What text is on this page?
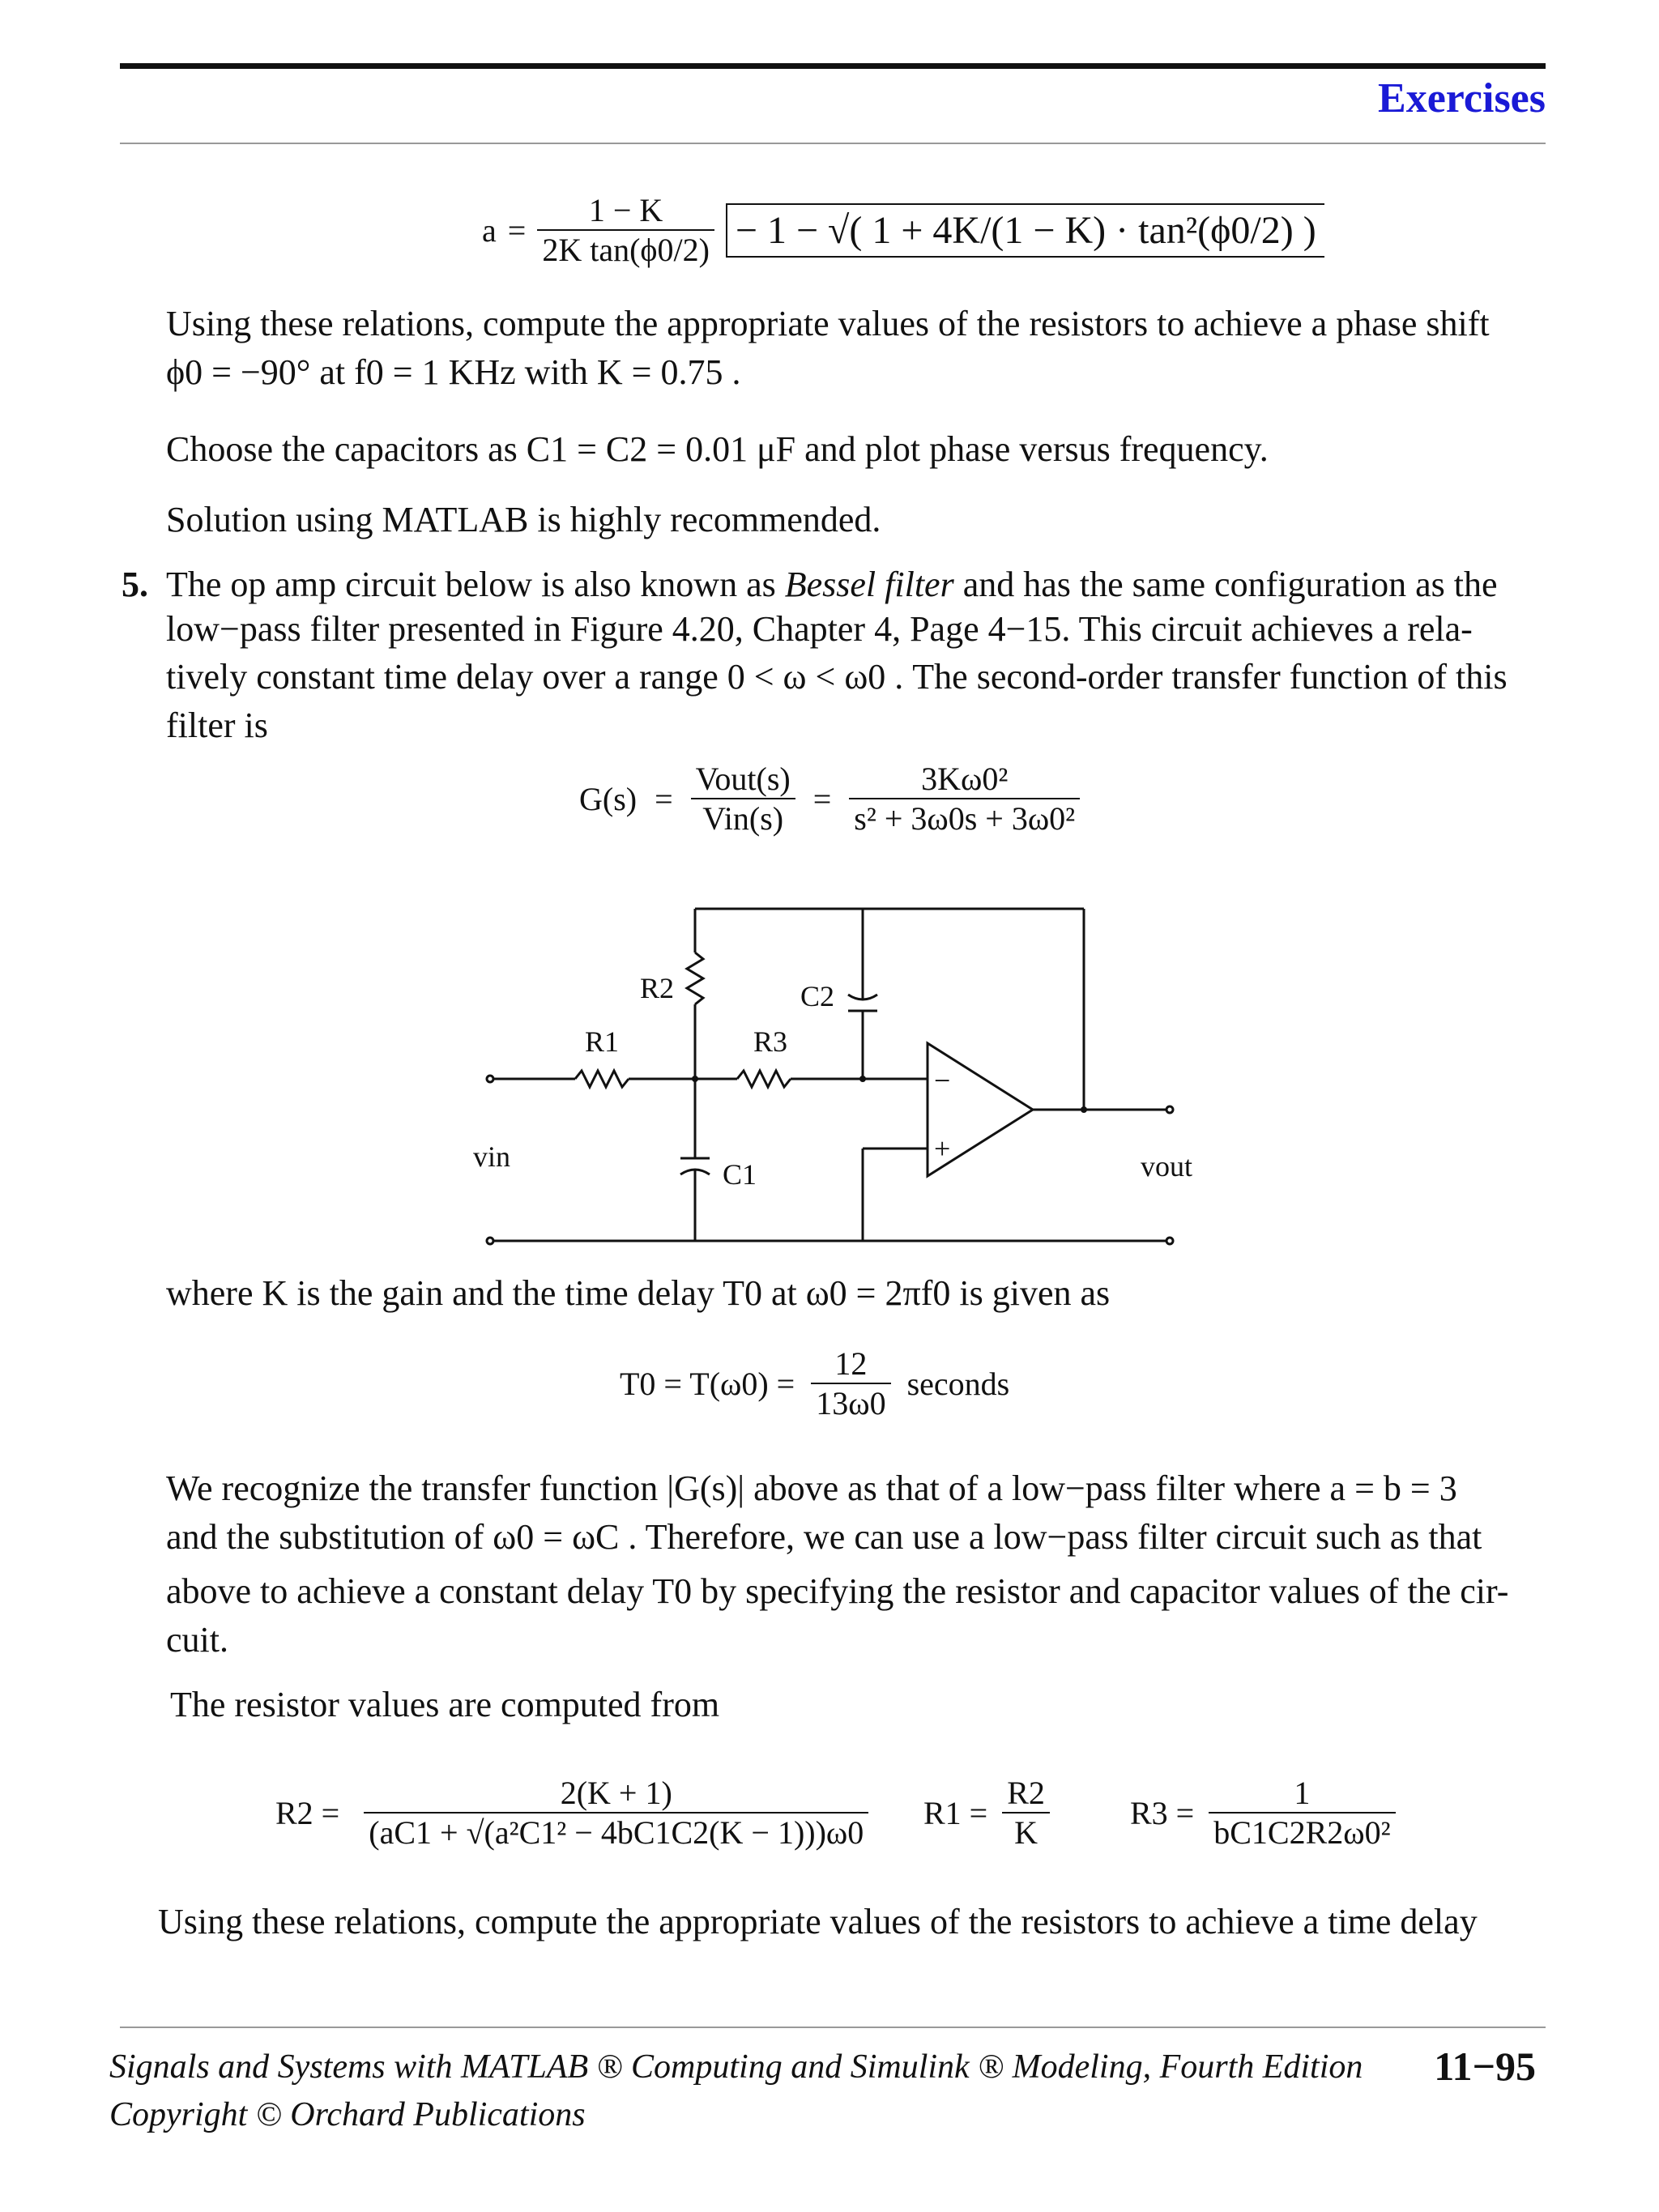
Exercises
$a = \frac{1 - K}{\text{2K tan(ϕ0/2)}} - 1$ − √( 1 + 4K/(1 − K) · tan²(ϕ0/2) )
Using these relations, compute the appropriate values of the resistors to achieve a phase shift
ϕ0 = −90° at f0 = 1 KHz with K = 0.75 .
Choose the capacitors as C1 = C2 = 0.01 μF and plot phase versus frequency.
Solution using MATLAB is highly recommended.
5. The op amp circuit below is also known as Bessel filter and has the same configuration as the
low−pass filter presented in Figure 4.20, Chapter 4, Page 4−15. This circuit achieves a rela-
tively constant time delay over a range 0 < ω < ω0 . The second-order transfer function of this
filter is
$G(s) = \frac{\text{Vout(s)}}{\text{Vin(s)}} = \frac{\text{3Kω0²}}{\text{s² + 3ω0s + 3ω0²}}$
R1
R2
R3
C1
C2
vin	vout
−
+
where K is the gain and the time delay T0 at ω0 = 2πf0 is given as
$T0 = T(\omega 0) = \frac{12}{13\omega 0}$ seconds
We recognize the transfer function |G(s)| above as that of a low−pass filter where a = b = 3
and the substitution of ω0 = ωC . Therefore, we can use a low−pass filter circuit such as that
above to achieve a constant delay T0 by specifying the resistor and capacitor values of the cir-
cuit.
The resistor values are computed from
$R2 = \frac{2(K + 1)}{\text{(aC1 + √(a²C1² − 4bC1C2(K − 1)))ω0}} R1 = \frac{R2}{K} R3 = \frac{1}{\text{bC1C2R2ω0²}}$
Using these relations, compute the appropriate values of the resistors to achieve a time delay
Signals and Systems with MATLAB ® Computing and Simulink ® Modeling, Fourth Edition
Copyright © Orchard Publications
11−95
